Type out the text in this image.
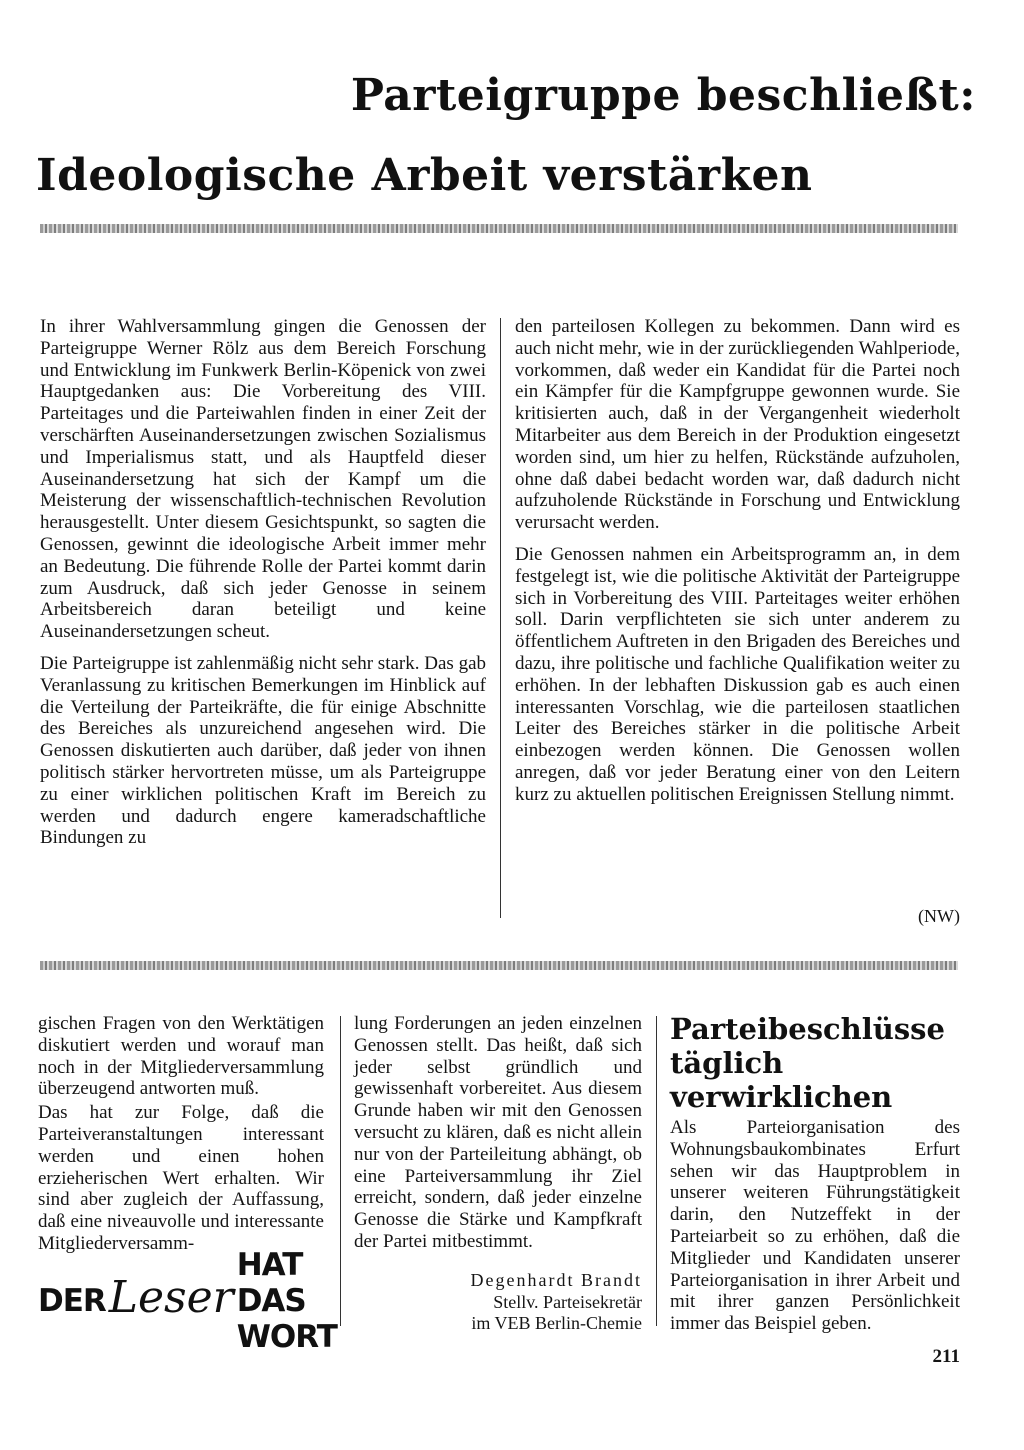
Parteigruppe beschließt:
Ideologische Arbeit verstärken

In ihrer Wahlversammlung gingen die Genossen der Parteigruppe Werner Rölz aus dem Bereich Forschung und Entwicklung im Funkwerk Berlin-Köpenick von zwei Hauptgedanken aus: Die Vorbereitung des VIII. Parteitages und die Parteiwahlen finden in einer Zeit der verschärften Auseinandersetzungen zwischen Sozialismus und Imperialismus statt, und als Hauptfeld dieser Auseinandersetzung hat sich der Kampf um die Meisterung der wissenschaftlich-technischen Revolution herausgestellt. Unter diesem Gesichtspunkt, so sagten die Genossen, gewinnt die ideologische Arbeit immer mehr an Bedeutung. Die führende Rolle der Partei kommt darin zum Ausdruck, daß sich jeder Genosse in seinem Arbeitsbereich daran beteiligt und keine Auseinandersetzungen scheut.

Die Parteigruppe ist zahlenmäßig nicht sehr stark. Das gab Veranlassung zu kritischen Bemerkungen im Hinblick auf die Verteilung der Parteikräfte, die für einige Abschnitte des Bereiches als unzureichend angesehen wird. Die Genossen diskutierten auch darüber, daß jeder von ihnen politisch stärker hervortreten müsse, um als Parteigruppe zu einer wirklichen politischen Kraft im Bereich zu werden und dadurch engere kameradschaftliche Bindungen zu

den parteilosen Kollegen zu bekommen. Dann wird es auch nicht mehr, wie in der zurückliegenden Wahlperiode, vorkommen, daß weder ein Kandidat für die Partei noch ein Kämpfer für die Kampfgruppe gewonnen wurde. Sie kritisierten auch, daß in der Vergangenheit wiederholt Mitarbeiter aus dem Bereich in der Produktion eingesetzt worden sind, um hier zu helfen, Rückstände aufzuholen, ohne daß dabei bedacht worden war, daß dadurch nicht aufzuholende Rückstände in Forschung und Entwicklung verursacht werden.

Die Genossen nahmen ein Arbeitsprogramm an, in dem festgelegt ist, wie die politische Aktivität der Parteigruppe sich in Vorbereitung des VIII. Parteitages weiter erhöhen soll. Darin verpflichteten sie sich unter anderem zu öffentlichem Auftreten in den Brigaden des Bereiches und dazu, ihre politische und fachliche Qualifikation weiter zu erhöhen. In der lebhaften Diskussion gab es auch einen interessanten Vorschlag, wie die parteilosen staatlichen Leiter des Bereiches stärker in die politische Arbeit einbezogen werden können. Die Genossen wollen anregen, daß vor jeder Beratung einer von den Leitern kurz zu aktuellen politischen Ereignissen Stellung nimmt.

(NW)

gischen Fragen von den Werktätigen diskutiert werden und worauf man noch in der Mitgliederversammlung überzeugend antworten muß.

Das hat zur Folge, daß die Parteiveranstaltungen interessant werden und einen hohen erzieherischen Wert erhalten. Wir sind aber zugleich der Auffassung, daß eine niveauvolle und interessante Mitgliederversamm-

lung Forderungen an jeden einzelnen Genossen stellt. Das heißt, daß sich jeder selbst gründlich und gewissenhaft vorbereitet. Aus diesem Grunde haben wir mit den Genossen versucht zu klären, daß es nicht allein nur von der Parteileitung abhängt, ob eine Parteiversammlung ihr Ziel erreicht, sondern, daß jeder einzelne Genosse die Stärke und Kampfkraft der Partei mitbestimmt.

Degenhardt Brandt
Stellv. Parteisekretär
im VEB Berlin-Chemie
DER Leser
HAT DAS WORT
Parteibeschlüsse täglich verwirklichen

Als Parteiorganisation des Wohnungsbaukombinates Erfurt sehen wir das Hauptproblem in unserer weiteren Führungstätigkeit darin, den Nutzeffekt in der Parteiarbeit so zu erhöhen, daß die Mitglieder und Kandidaten unserer Parteiorganisation in ihrer Arbeit und mit ihrer ganzen Persönlichkeit immer das Beispiel geben.

211
